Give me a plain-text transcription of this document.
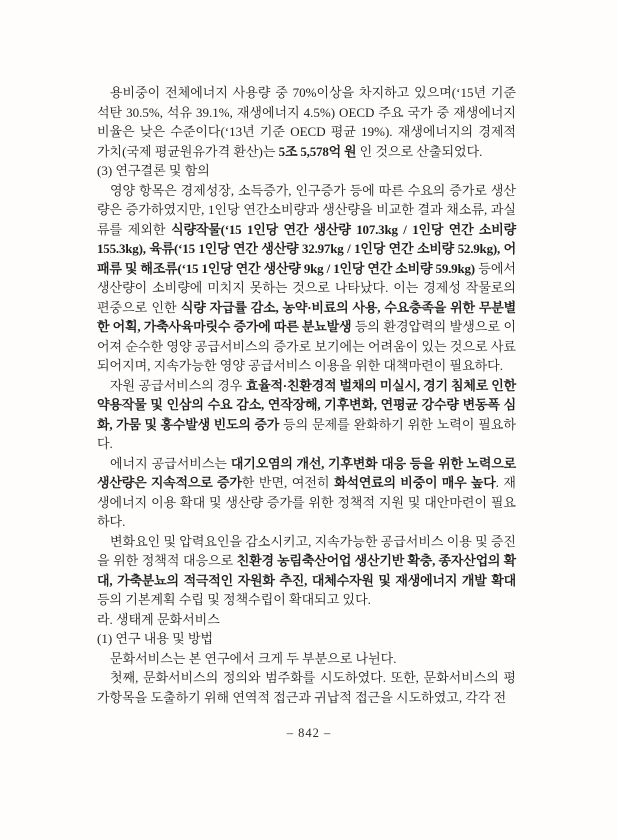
용비중이 전체에너지 사용량 중 70%이상을 차지하고 있으며(‘15년 기준 석탄 30.5%, 석유 39.1%, 재생에너지 4.5%) OECD 주요 국가 중 재생에너지 비율은 낮은 수준이다(‘13년 기준 OECD 평균 19%). 재생에너지의 경제적 가치(국제 평균원유가격 환산)는 5조 5,578억 원 인 것으로 산출되었다.

(3) 연구결론 및 함의

영양 항목은 경제성장, 소득증가, 인구증가 등에 따른 수요의 증가로 생산량은 증가하였지만, 1인당 연간소비량과 생산량을 비교한 결과 채소류, 과실류를 제외한 식량작물(‘15 1인당 연간 생산량 107.3kg / 1인당 연간 소비량 155.3kg), 육류(‘15 1인당 연간 생산량 32.97kg / 1인당 연간 소비량 52.9kg), 어패류 및 해조류(‘15 1인당 연간 생산량 9kg / 1인당 연간 소비량 59.9kg) 등에서 생산량이 소비량에 미치지 못하는 것으로 나타났다. 이는 경제성 작물로의 편중으로 인한 식량 자급률 감소, 농약·비료의 사용, 수요충족을 위한 무분별한 어획, 가축사육마릿수 증가에 따른 분뇨발생 등의 환경압력의 발생으로 이어져 순수한 영양 공급서비스의 증가로 보기에는 어려움이 있는 것으로 사료되어지며, 지속가능한 영양 공급서비스 이용을 위한 대책마련이 필요하다.

자원 공급서비스의 경우 효율적·친환경적 벌채의 미실시, 경기 침체로 인한 약용작물 및 인삼의 수요 감소, 연작장해, 기후변화, 연평균 강수량 변동폭 심화, 가뭄 및 홍수발생 빈도의 증가 등의 문제를 완화하기 위한 노력이 필요하다.

에너지 공급서비스는 대기오염의 개선, 기후변화 대응 등을 위한 노력으로 생산량은 지속적으로 증가한 반면, 여전히 화석연료의 비중이 매우 높다. 재생에너지 이용 확대 및 생산량 증가를 위한 정책적 지원 및 대안마련이 필요하다.

변화요인 및 압력요인을 감소시키고, 지속가능한 공급서비스 이용 및 증진을 위한 정책적 대응으로 친환경 농림축산어업 생산기반 확충, 종자산업의 확대, 가축분뇨의 적극적인 자원화 추진, 대체수자원 및 재생에너지 개발 확대 등의 기본계획 수립 및 정책수립이 확대되고 있다.

라. 생태계 문화서비스
(1) 연구 내용 및 방법

문화서비스는 본 연구에서 크게 두 부분으로 나뉜다.

첫째, 문화서비스의 정의와 범주화를 시도하였다. 또한, 문화서비스의 평가항목을 도출하기 위해 연역적 접근과 귀납적 접근을 시도하였고, 각각 전

– 842 –
